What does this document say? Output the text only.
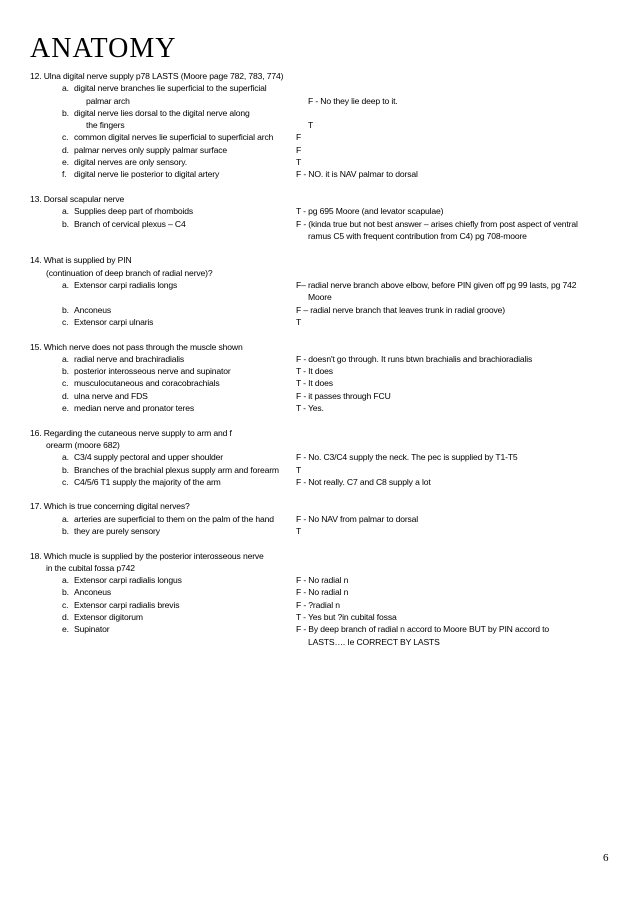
ANATOMY
12. Ulna digital nerve supply p78 LASTS (Moore page 782, 783, 774)
a. digital nerve branches lie superficial to the superficial
palmar arch	F - No they lie deep to it.
b. digital nerve lies dorsal to the digital nerve along
the fingers	T
c. common digital nerves lie superficial to superficial arch	F
d. palmar nerves only supply palmar surface	F
e. digital nerves are only sensory.	T
f. digital nerve lie posterior to digital artery	F - NO. it is NAV palmar to dorsal
13. Dorsal scapular nerve
a. Supplies deep part of rhomboids	T - pg 695 Moore (and levator scapulae)
b. Branch of cervical plexus – C4	F - (kinda true but not best answer – arises chiefly from post aspect of ventral
ramus C5 with frequent contribution from C4) pg 708-moore
14. What is supplied by PIN
(continuation of deep branch of radial nerve)?
a. Extensor carpi radialis longs	F– radial nerve branch above elbow, before PIN given off pg 99 lasts, pg 742
Moore
b. Anconeus	F – radial nerve branch that leaves trunk in radial groove)
c. Extensor carpi ulnaris	T
15. Which nerve does not pass through the muscle shown
a. radial nerve and brachiradialis	F - doesn't go through. It runs btwn brachialis and brachioradialis
b. posterior interosseous nerve and supinator	T - It does
c. musculocutaneous and coracobrachials	T - It does
d. ulna nerve and FDS	F - it passes through FCU
e. median nerve and pronator teres	T - Yes.
16. Regarding the cutaneous nerve supply to arm and f
orearm (moore 682)
a. C3/4 supply pectoral and upper shoulder	F - No. C3/C4 supply the neck. The pec is supplied by T1-T5
b. Branches of the brachial plexus supply arm and forearm	T
c. C4/5/6 T1 supply the majority of the arm	F - Not really. C7 and C8 supply a lot
17. Which is true concerning digital nerves?
a. arteries are superficial to them on the palm of the hand	F - No NAV from palmar to dorsal
b. they are purely sensory	T
18. Which mucle is supplied by the posterior interosseous nerve
in the cubital fossa p742
a. Extensor carpi radialis longus	F - No radial n
b. Anconeus	F - No radial n
c. Extensor carpi radialis brevis	F - ?radial n
d. Extensor digitorum	T - Yes but ?in cubital fossa
e. Supinator	F - By deep branch of radial n accord to Moore BUT by PIN accord to
LASTS…. Ie CORRECT BY LASTS
6
